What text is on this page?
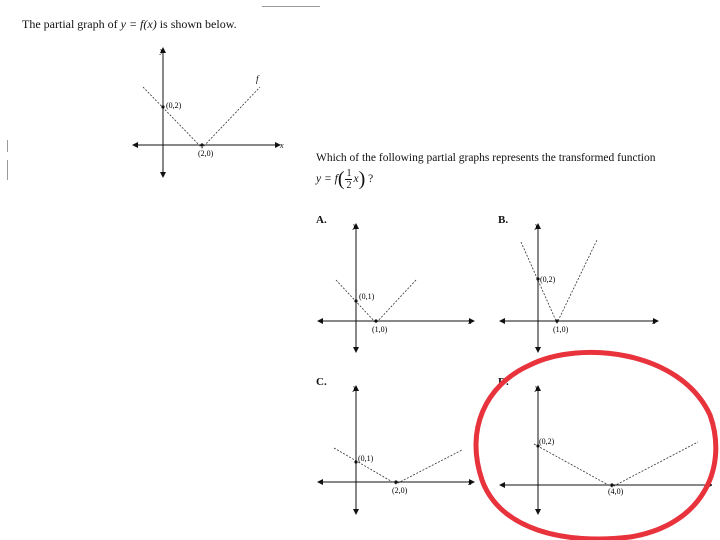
The partial graph of y = f(x) is shown below.
(0,2)
(2,0)
f
x
y
Which of the following partial graphs represents the transformed function
$y = f( \frac{1}{2} x)$ ?
A.
(0,1)
(1,0)
x
y	B.
(0,2)
(1,0)
x
y
C.
(0,1)
(2,0)
x
y	D.
(0,2)
(4,0)
y
